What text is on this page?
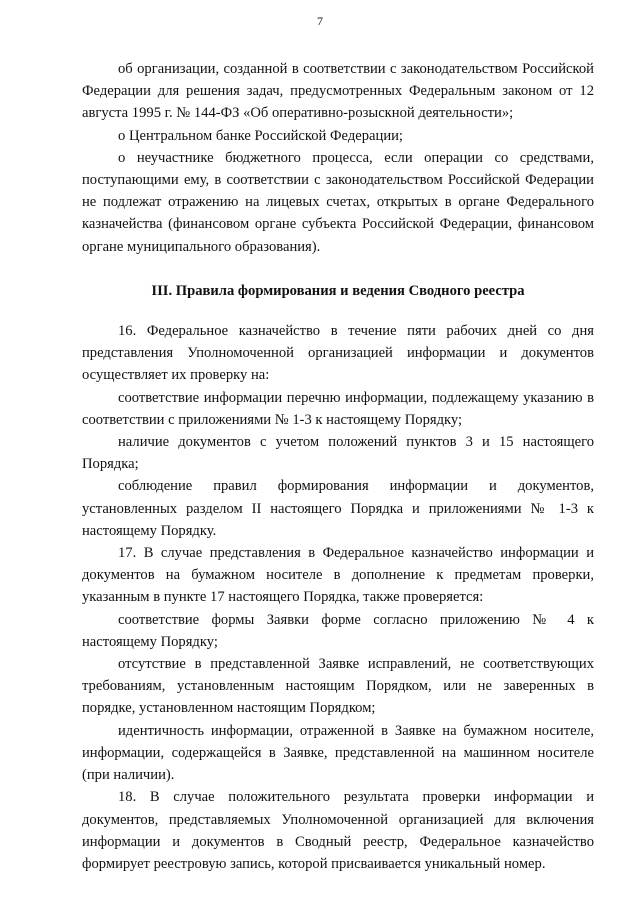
7

об организации, созданной в соответствии с законодательством Российской Федерации для решения задач, предусмотренных Федеральным законом от 12 августа 1995 г. № 144-ФЗ «Об оперативно-розыскной деятельности»;

о Центральном банке Российской Федерации;

о неучастнике бюджетного процесса, если операции со средствами, поступающими ему, в соответствии с законодательством Российской Федерации не подлежат отражению на лицевых счетах, открытых в органе Федерального казначейства (финансовом органе субъекта Российской Федерации, финансовом органе муниципального образования).

III. Правила формирования и ведения Сводного реестра

16. Федеральное казначейство в течение пяти рабочих дней со дня представления Уполномоченной организацией информации и документов осуществляет их проверку на:

соответствие информации перечню информации, подлежащему указанию в соответствии с приложениями № 1-3 к настоящему Порядку;

наличие документов с учетом положений пунктов 3 и 15 настоящего Порядка;

соблюдение правил формирования информации и документов, установленных разделом II настоящего Порядка и приложениями № 1-3 к настоящему Порядку.

17. В случае представления в Федеральное казначейство информации и документов на бумажном носителе в дополнение к предметам проверки, указанным в пункте 17 настоящего Порядка, также проверяется:

соответствие формы Заявки форме согласно приложению № 4 к настоящему Порядку;

отсутствие в представленной Заявке исправлений, не соответствующих требованиям, установленным настоящим Порядком, или не заверенных в порядке, установленном настоящим Порядком;

идентичность информации, отраженной в Заявке на бумажном носителе, информации, содержащейся в Заявке, представленной на машинном носителе (при наличии).

18. В случае положительного результата проверки информации и документов, представляемых Уполномоченной организацией для включения информации и документов в Сводный реестр, Федеральное казначейство формирует реестровую запись, которой присваивается уникальный номер.
